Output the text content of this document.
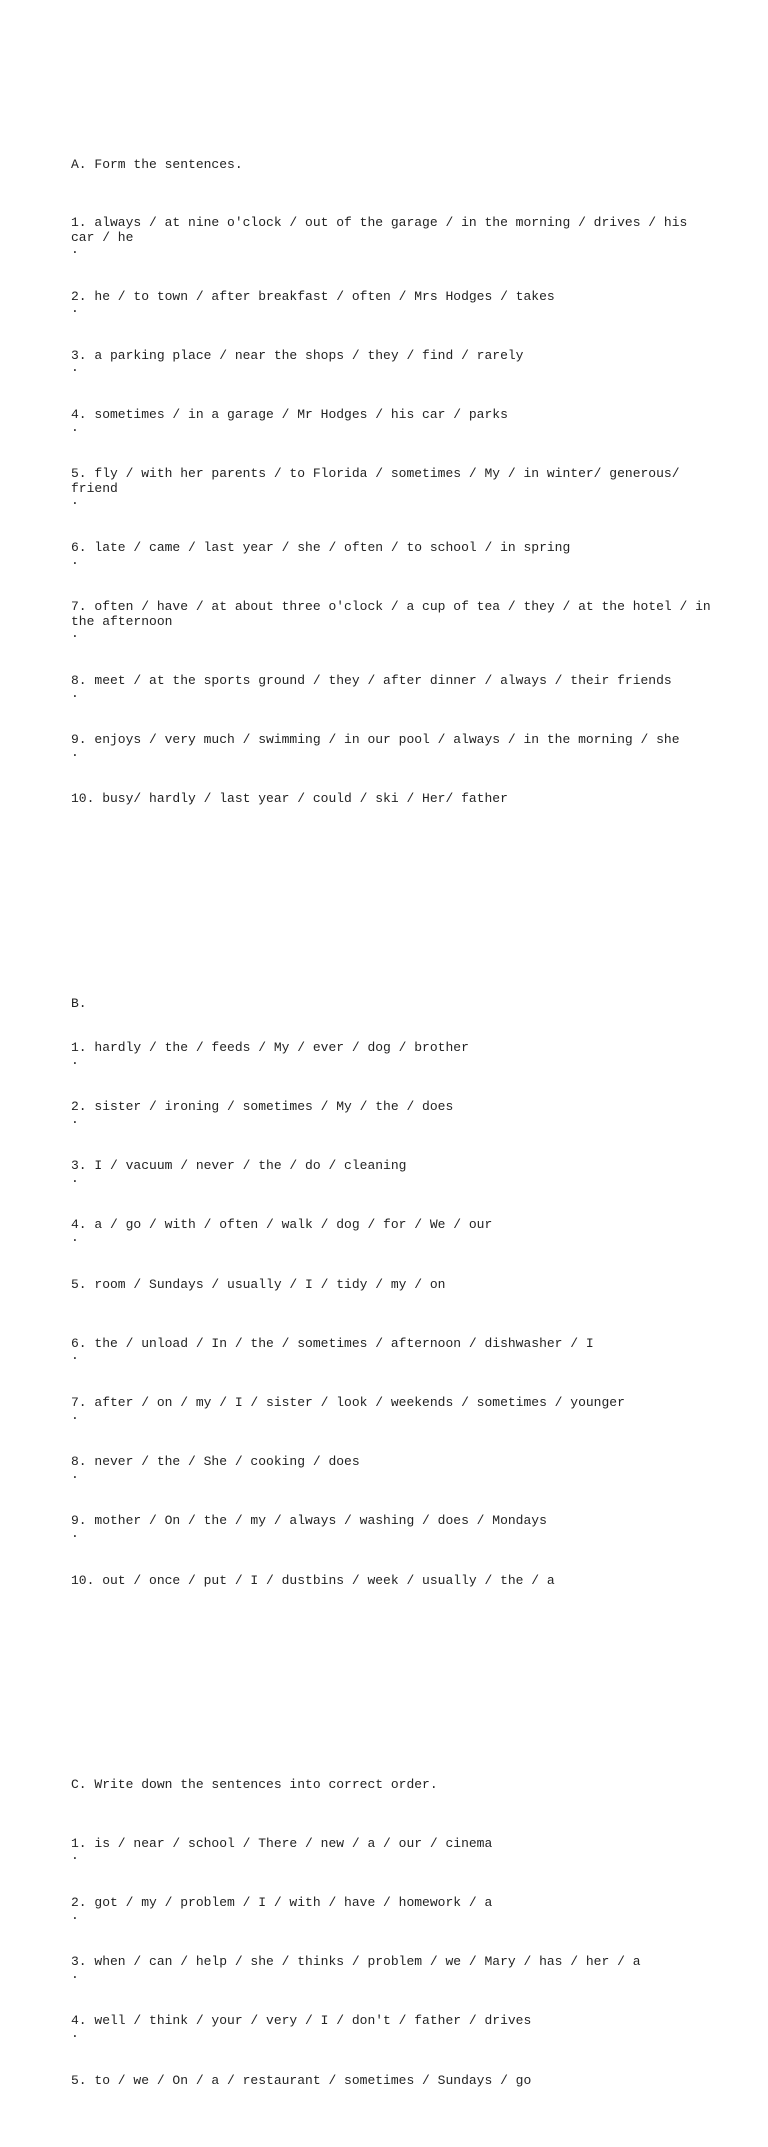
A. Form the sentences.

1. always / at nine o'clock / out of the garage / in the morning / drives / his car / he
.

2. he / to town / after breakfast / often / Mrs Hodges / takes
.

3. a parking place / near the shops / they / find / rarely
.

4. sometimes / in a garage / Mr Hodges / his car / parks
.

5. fly / with her parents / to Florida / sometimes / My / in winter/ generous/ friend
.

6. late / came / last year / she / often / to school / in spring
.

7. often / have / at about three o'clock / a cup of tea / they / at the hotel / in the afternoon
.

8. meet / at the sports ground / they / after dinner / always / their friends
.

9. enjoys / very much / swimming / in our pool / always / in the morning / she
.

10. busy/ hardly / last year / could / ski / Her/ father

B.

1. hardly / the / feeds / My / ever / dog / brother
.

2. sister / ironing / sometimes / My / the / does
.

3. I / vacuum / never / the / do / cleaning
.

4. a / go / with / often / walk / dog / for / We / our
.

5. room / Sundays / usually / I / tidy / my / on

6. the / unload / In / the / sometimes / afternoon / dishwasher / I
.

7. after / on / my / I / sister / look / weekends / sometimes / younger
.

8. never / the / She / cooking / does
.

9. mother / On / the / my / always / washing / does / Mondays
.

10. out / once / put / I / dustbins / week / usually / the / a

C. Write down the sentences into correct order.

1. is / near / school / There / new / a / our / cinema
.

2. got / my / problem / I / with / have / homework / a
.

3. when / can / help / she / thinks / problem / we / Mary / has / her / a
.

4. well / think / your / very / I / don't / father / drives
.

5. to / we / On / a / restaurant / sometimes / Sundays / go
